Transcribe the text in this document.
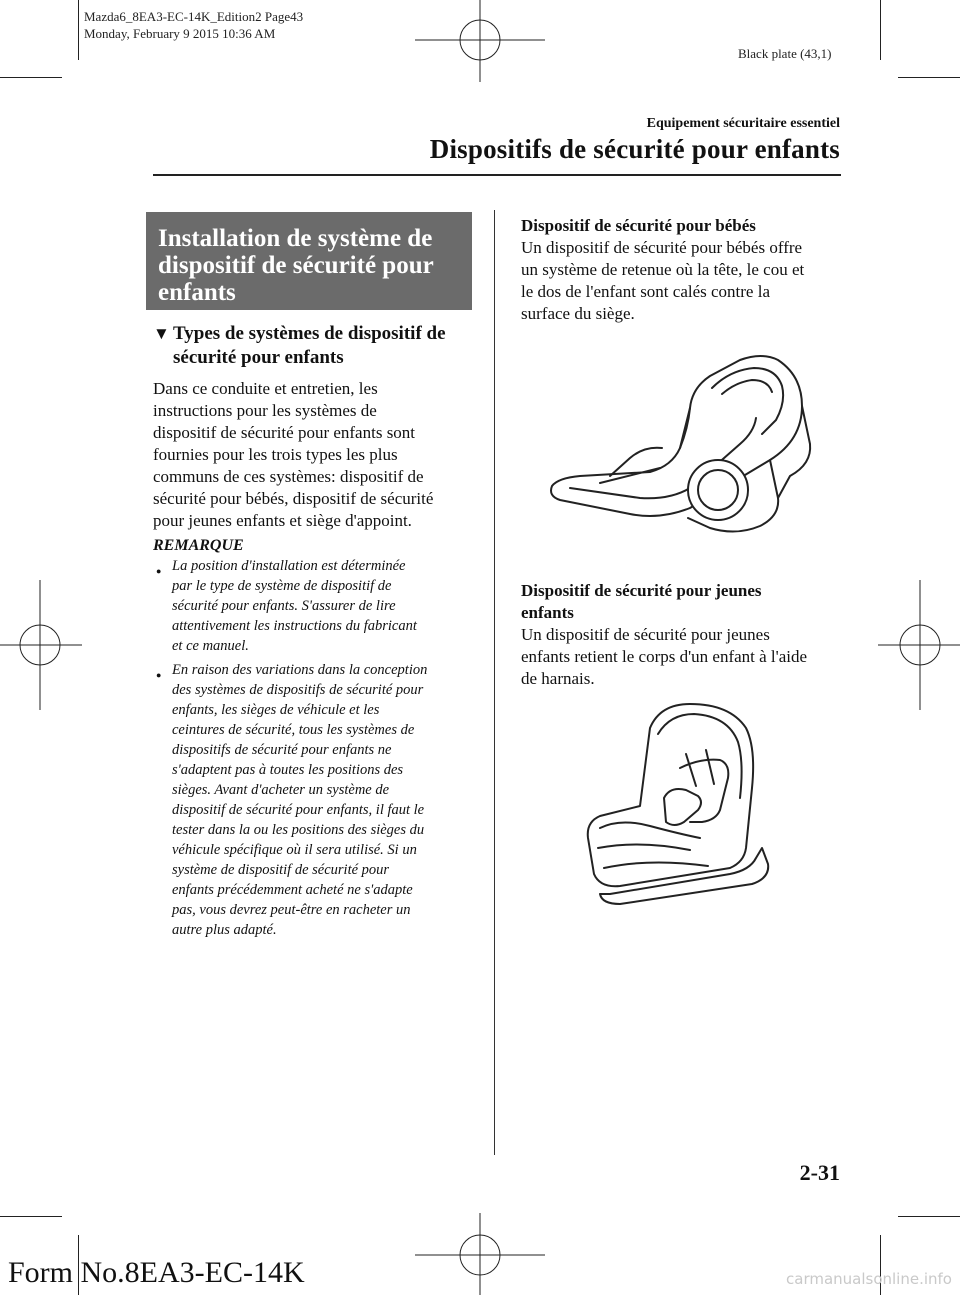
Mazda6_8EA3-EC-14K_Edition2 Page43
Monday, February 9 2015 10:36 AM
Black plate (43,1)
Equipement sécuritaire essentiel
Dispositifs de sécurité pour enfants
Installation de système de
dispositif de sécurité pour
enfants
▼ Types de systèmes de dispositif de
sécurité pour enfants
Dans ce conduite et entretien, les
instructions pour les systèmes de
dispositif de sécurité pour enfants sont
fournies pour les trois types les plus
communs de ces systèmes: dispositif de
sécurité pour bébés, dispositif de sécurité
pour jeunes enfants et siège d'appoint.
REMARQUE
● La position d'installation est déterminée
par le type de système de dispositif de
sécurité pour enfants. S'assurer de lire
attentivement les instructions du fabricant
et ce manuel.
● En raison des variations dans la conception
des systèmes de dispositifs de sécurité pour
enfants, les sièges de véhicule et les
ceintures de sécurité, tous les systèmes de
dispositifs de sécurité pour enfants ne
s'adaptent pas à toutes les positions des
sièges. Avant d'acheter un système de
dispositif de sécurité pour enfants, il faut le
tester dans la ou les positions des sièges du
véhicule spécifique où il sera utilisé. Si un
système de dispositif de sécurité pour
enfants précédemment acheté ne s'adapte
pas, vous devrez peut-être en racheter un
autre plus adapté.
Dispositif de sécurité pour bébés
Un dispositif de sécurité pour bébés offre
un système de retenue où la tête, le cou et
le dos de l'enfant sont calés contre la
surface du siège.
Dispositif de sécurité pour jeunes
enfants
Un dispositif de sécurité pour jeunes
enfants retient le corps d'un enfant à l'aide
de harnais.
2-31
Form No.8EA3-EC-14K	carmanualsonline.info
